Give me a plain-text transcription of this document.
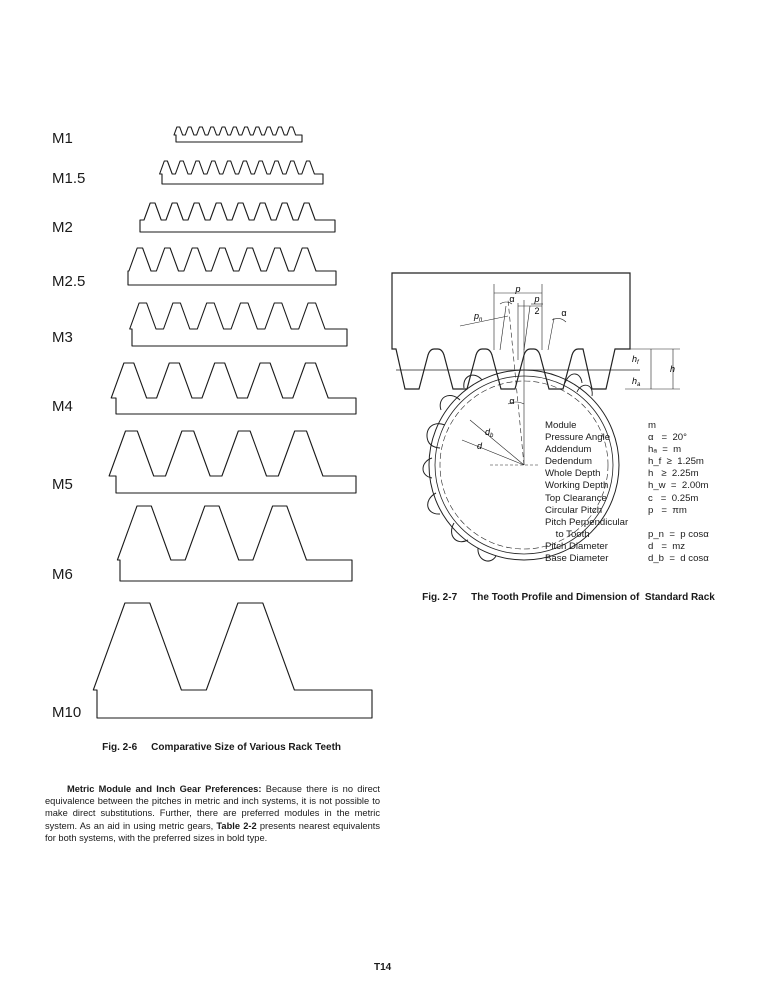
M1
M1.5
M2
M2.5
M3
M4
M5
M6
M10

Fig. 2-6 Comparative Size of Various Rack Teeth

p
α p
2 α
$p_n$
$h_f$
$h_a$
h
α
$d_b$
d
Module	m
Pressure Angle	α   =  20°
Addendum	hₐ  =  m
Dedendum	h_f  ≥  1.25m
Whole Depth	h   ≥  2.25m
Working Depth	h_w  =  2.00m
Top Clearance	c   =  0.25m
Circular Pitch	p   =  πm
Pitch Perpendicular
to Tooth	p_n  =  p cosα
Pitch Diameter	d   =  mz
Base Diameter	d_b  =  d cosα

Fig. 2-7 The Tooth Profile and Dimension of  Standard Rack

Metric Module and Inch Gear Preferences: Because there is no direct equivalence between the pitches in metric and inch systems, it is not possible to make direct substitutions. Further, there are preferred modules in the metric system. As an aid in using metric gears, Table 2-2 presents nearest equivalents for both systems, with the preferred sizes in bold type.
T14
